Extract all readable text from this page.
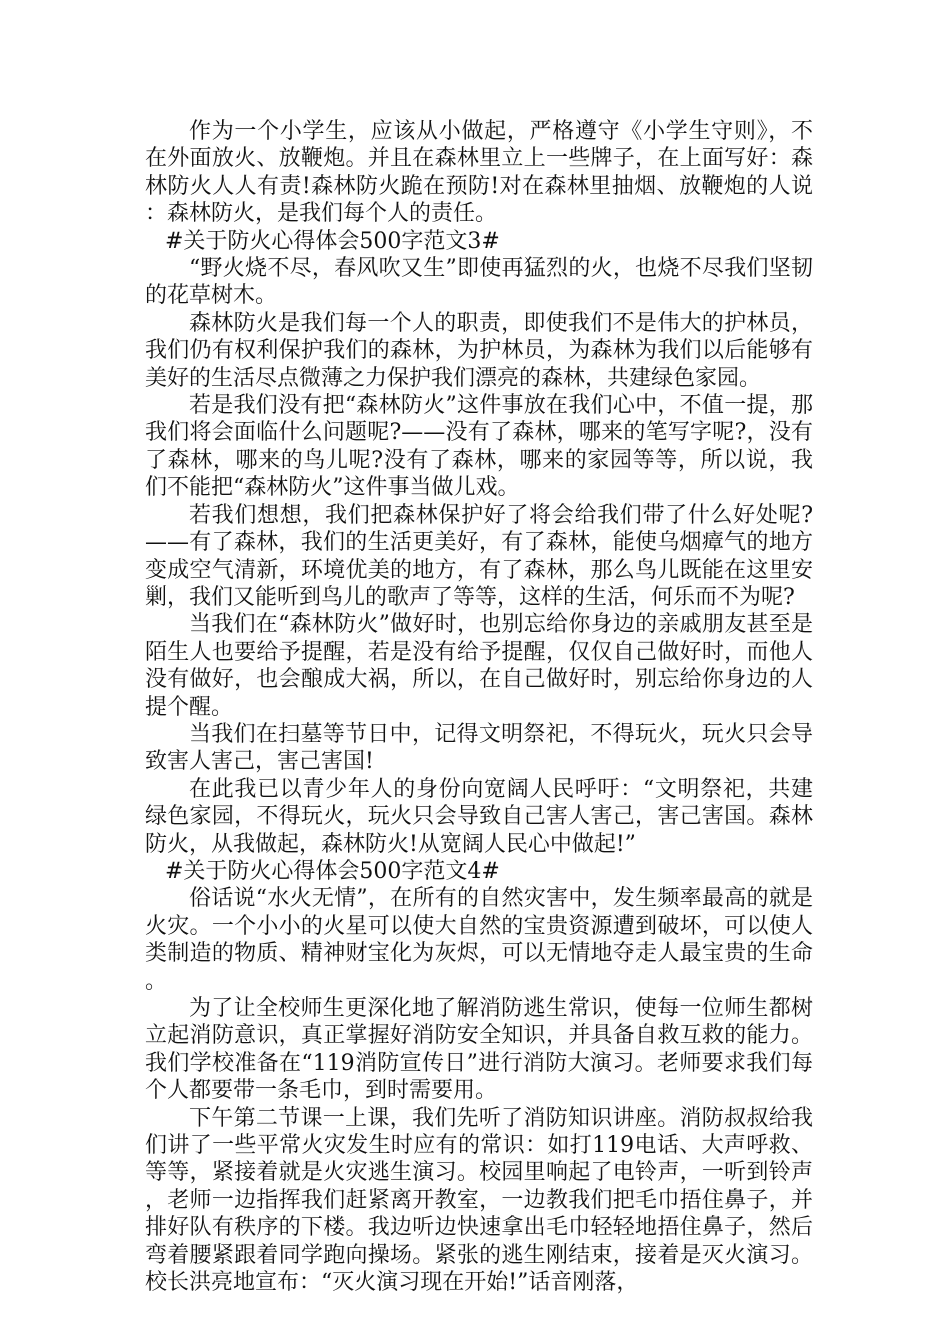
作为一个小学生，应该从小做起，严格遵守《小学生守则》，不在外面放火、放鞭炮。并且在森林里立上一些牌子，在上面写好：森林防火人人有责!森林防火跪在预防!对在森林里抽烟、放鞭炮的人说：森林防火，是我们每个人的责任。

#关于防火心得体会500字范文3#

“野火烧不尽，春风吹又生”即使再猛烈的火，也烧不尽我们坚韧的花草树木。

森林防火是我们每一个人的职责，即使我们不是伟大的护林员，我们仍有权利保护我们的森林，为护林员，为森林为我们以后能够有美好的生活尽点微薄之力保护我们漂亮的森林，共建绿色家园。

若是我们没有把“森林防火”这件事放在我们心中，不值一提，那我们将会面临什么问题呢?——没有了森林，哪来的笔写字呢?，没有了森林，哪来的鸟儿呢?没有了森林，哪来的家园等等，所以说，我们不能把“森林防火”这件事当做儿戏。

若我们想想，我们把森林保护好了将会给我们带了什么好处呢?——有了森林，我们的生活更美好，有了森林，能使乌烟瘴气的地方变成空气清新，环境优美的地方，有了森林，那么鸟儿既能在这里安剿，我们又能听到鸟儿的歌声了等等，这样的生活，何乐而不为呢?

当我们在“森林防火”做好时，也别忘给你身边的亲戚朋友甚至是陌生人也要给予提醒，若是没有给予提醒，仅仅自己做好时，而他人没有做好，也会酿成大祸，所以，在自己做好时，别忘给你身边的人提个醒。

当我们在扫墓等节日中，记得文明祭祀，不得玩火，玩火只会导致害人害己，害己害国!

在此我已以青少年人的身份向宽阔人民呼吁：“文明祭祀，共建绿色家园，不得玩火，玩火只会导致自己害人害己，害己害国。森林防火，从我做起，森林防火!从宽阔人民心中做起!”

#关于防火心得体会500字范文4#

俗话说“水火无情”，在所有的自然灾害中，发生频率最高的就是火灾。一个小小的火星可以使大自然的宝贵资源遭到破坏，可以使人类制造的物质、精神财宝化为灰烬，可以无情地夺走人最宝贵的生命。

为了让全校师生更深化地了解消防逃生常识，使每一位师生都树立起消防意识，真正掌握好消防安全知识，并具备自救互救的能力。我们学校准备在“119消防宣传日”进行消防大演习。老师要求我们每个人都要带一条毛巾，到时需要用。

下午第二节课一上课，我们先听了消防知识讲座。消防叔叔给我们讲了一些平常火灾发生时应有的常识：如打119电话、大声呼救、等等，紧接着就是火灾逃生演习。校园里响起了电铃声，一听到铃声，老师一边指挥我们赶紧离开教室，一边教我们把毛巾捂住鼻子，并排好队有秩序的下楼。我边听边快速拿出毛巾轻轻地捂住鼻子，然后弯着腰紧跟着同学跑向操场。紧张的逃生刚结束，接着是灭火演习。校长洪亮地宣布：“灭火演习现在开始!”话音刚落，
